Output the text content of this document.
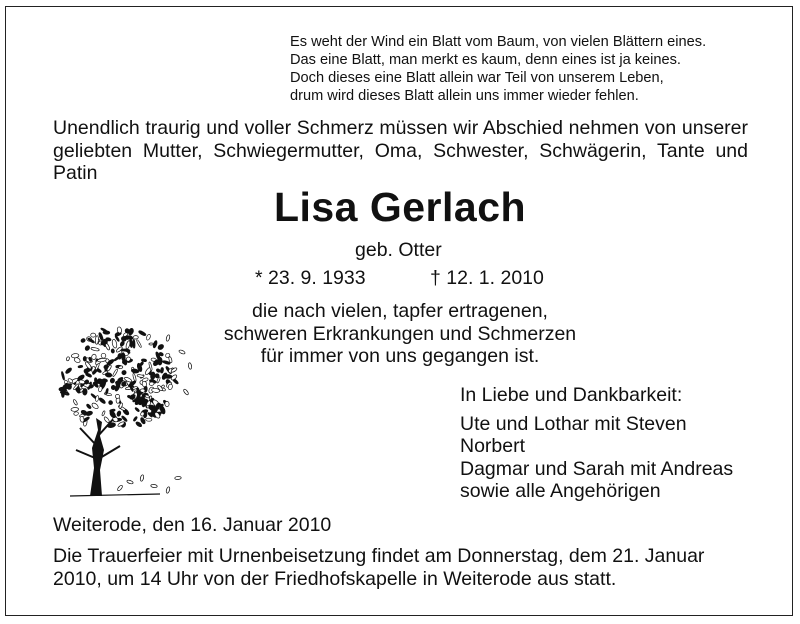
Es weht der Wind ein Blatt vom Baum, von vielen Blättern eines.
Das eine Blatt, man merkt es kaum, denn eines ist ja keines.
Doch dieses eine Blatt allein war Teil von unserem Leben,
drum wird dieses Blatt allein uns immer wieder fehlen.
Unendlich traurig und voller Schmerz müssen wir Abschied nehmen von unserer geliebten Mutter, Schwiegermutter, Oma, Schwester, Schwägerin, Tante und Patin
Lisa Gerlach
geb. Otter
* 23. 9. 1933	† 12. 1. 2010
die nach vielen, tapfer ertragenen,
schweren Erkrankungen und Schmerzen
für immer von uns gegangen ist.
In Liebe und Dankbarkeit:
Ute und Lothar mit Steven
Norbert
Dagmar und Sarah mit Andreas
sowie alle Angehörigen
Weiterode, den 16. Januar 2010
Die Trauerfeier mit Urnenbeisetzung findet am Donnerstag, dem 21. Januar 2010, um 14 Uhr von der Friedhofskapelle in Weiterode aus statt.
